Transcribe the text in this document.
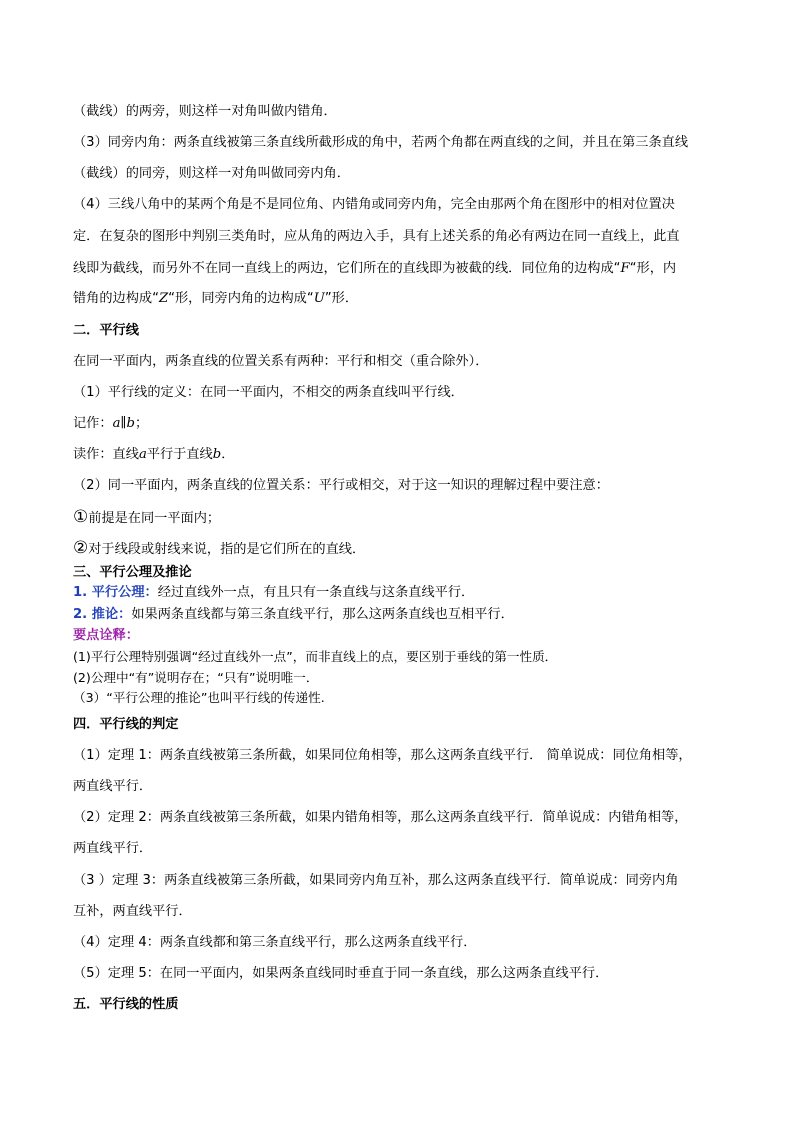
（截线）的两旁，则这样一对角叫做内错角．
（3）同旁内角：两条直线被第三条直线所截形成的角中，若两个角都在两直线的之间，并且在第三条直线
（截线）的同旁，则这样一对角叫做同旁内角．
（4）三线八角中的某两个角是不是同位角、内错角或同旁内角，完全由那两个角在图形中的相对位置决
定．在复杂的图形中判别三类角时，应从角的两边入手，具有上述关系的角必有两边在同一直线上，此直
线即为截线，而另外不在同一直线上的两边，它们所在的直线即为被截的线．同位角的边构成“F“形，内
错角的边构成“Z“形，同旁内角的边构成“U”形．
二．平行线
在同一平面内，两条直线的位置关系有两种：平行和相交（重合除外）．
（1）平行线的定义：在同一平面内，不相交的两条直线叫平行线．
记作：a∥b；
读作：直线a平行于直线b．
（2）同一平面内，两条直线的位置关系：平行或相交，对于这一知识的理解过程中要注意：
①前提是在同一平面内；
②对于线段或射线来说，指的是它们所在的直线．
三、平行公理及推论
1. 平行公理：经过直线外一点，有且只有一条直线与这条直线平行．
2. 推论：如果两条直线都与第三条直线平行，那么这两条直线也互相平行．
要点诠释：
(1)平行公理特别强调“经过直线外一点”，而非直线上的点，要区别于垂线的第一性质．
(2)公理中“有”说明存在；“只有”说明唯一．
（3）“平行公理的推论”也叫平行线的传递性.
四．平行线的判定
（1）定理 1：两条直线被第三条所截，如果同位角相等，那么这两条直线平行． 简单说成：同位角相等，
两直线平行．
（2）定理 2：两条直线被第三条所截，如果内错角相等，那么这两条直线平行．简单说成：内错角相等，
两直线平行．
（3 ）定理 3：两条直线被第三条所截，如果同旁内角互补，那么这两条直线平行．简单说成：同旁内角
互补，两直线平行．
（4）定理 4：两条直线都和第三条直线平行，那么这两条直线平行．
（5）定理 5：在同一平面内，如果两条直线同时垂直于同一条直线，那么这两条直线平行．
五．平行线的性质
